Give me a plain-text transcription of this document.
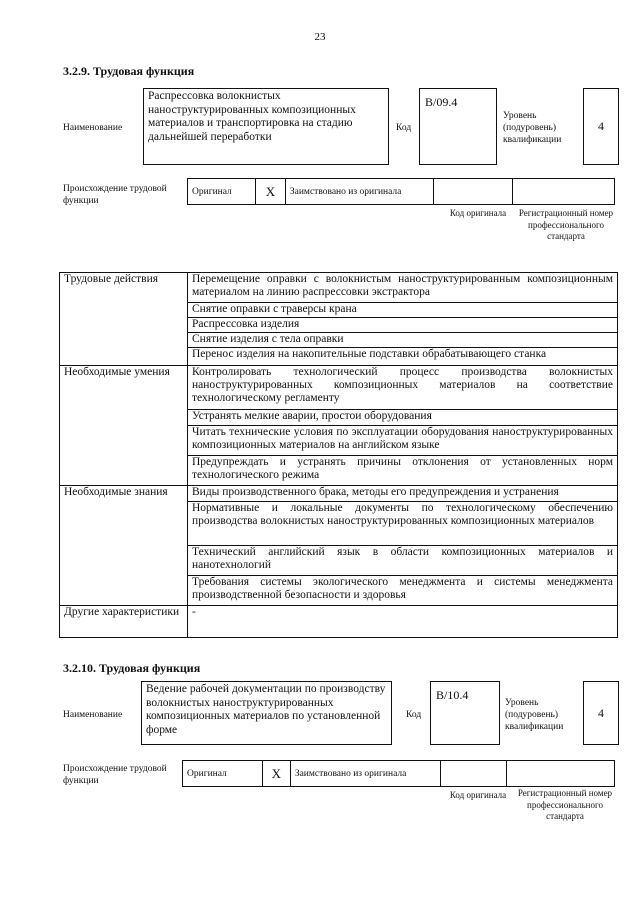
23
3.2.9. Трудовая функция
Наименование
Распрессовка волокнистых наноструктурированных композиционных материалов и транспортировка на стадию дальнейшей переработки
Код
B/09.4
Уровень (подуровень) квалификации
4
Происхождение трудовой функции
Оригинал	X	Заимствовано из оригинала		
Код оригинала	Регистрационный номер профессионального стандарта
Трудовые действия	Перемещение оправки с волокнистым наноструктурированным композиционным материалом на линию распрессовки экстрактора
	Снятие оправки с траверсы крана
	Распрессовка изделия
	Снятие изделия с тела оправки
	Перенос изделия на накопительные подставки обрабатывающего станка
Необходимые умения	Контролировать технологический процесс производства волокнистых наноструктурированных композиционных материалов на соответствие технологическому регламенту
	Устранять мелкие аварии, простои оборудования
	Читать технические условия по эксплуатации оборудования наноструктурированных композиционных материалов на английском языке
	Предупреждать и устранять причины отклонения от установленных норм технологического режима
Необходимые знания	Виды производственного брака, методы его предупреждения и устранения
	Нормативные и локальные документы по технологическому обеспечению производства волокнистых наноструктурированных композиционных материалов
	Технический английский язык в области композиционных материалов и нанотехнологий
	Требования системы экологического менеджмента и системы менеджмента производственной безопасности и здоровья
Другие характеристики	-
3.2.10. Трудовая функция
Наименование
Ведение рабочей документации по производству волокнистых наноструктурированных композиционных материалов по установленной форме
Код
B/10.4
Уровень (подуровень) квалификации
4
Происхождение трудовой функции
Оригинал	X	Заимствовано из оригинала		
Код оригинала	Регистрационный номер профессионального стандарта
